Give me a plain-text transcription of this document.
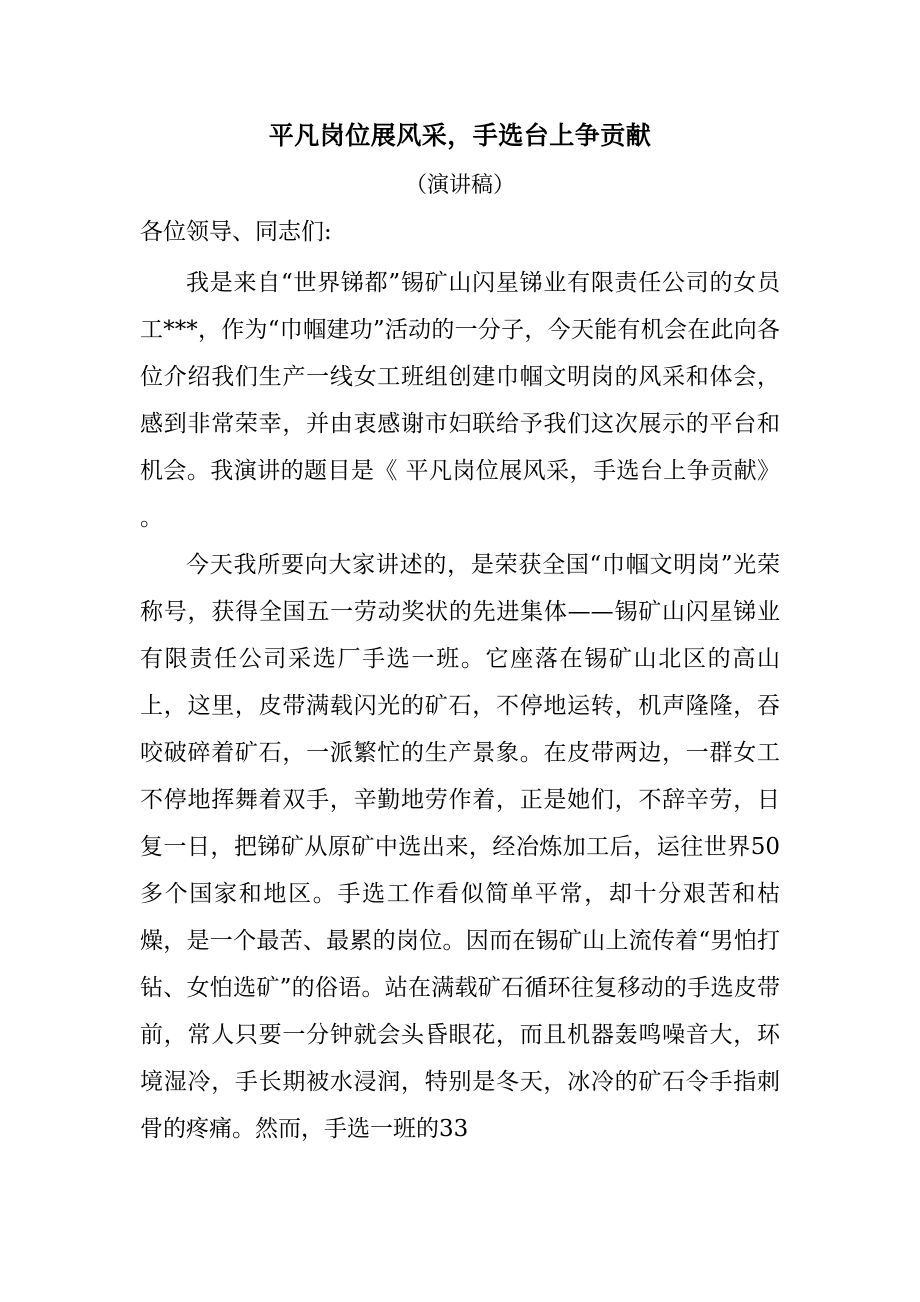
平凡岗位展风采，手选台上争贡献
（演讲稿）
各位领导、同志们:

我是来自“世界锑都”锡矿山闪星锑业有限责任公司的女员工***，作为“巾帼建功”活动的一分子，今天能有机会在此向各位介绍我们生产一线女工班组创建巾帼文明岗的风采和体会，感到非常荣幸，并由衷感谢市妇联给予我们这次展示的平台和机会。我演讲的题目是《 平凡岗位展风采，手选台上争贡献》 。

今天我所要向大家讲述的，是荣获全国“巾帼文明岗”光荣称号，获得全国五一劳动奖状的先进集体——锡矿山闪星锑业有限责任公司采选厂手选一班。它座落在锡矿山北区的高山上，这里，皮带满载闪光的矿石，不停地运转，机声隆隆，吞咬破碎着矿石，一派繁忙的生产景象。在皮带两边，一群女工不停地挥舞着双手，辛勤地劳作着，正是她们，不辞辛劳，日复一日，把锑矿从原矿中选出来，经冶炼加工后，运往世界50多个国家和地区。手选工作看似简单平常，却十分艰苦和枯燥，是一个最苦、最累的岗位。因而在锡矿山上流传着“男怕打钻、女怕选矿”的俗语。站在满载矿石循环往复移动的手选皮带前，常人只要一分钟就会头昏眼花，而且机器轰鸣噪音大，环境湿冷，手长期被水浸润，特别是冬天，冰冷的矿石令手指刺骨的疼痛。然而，手选一班的33
